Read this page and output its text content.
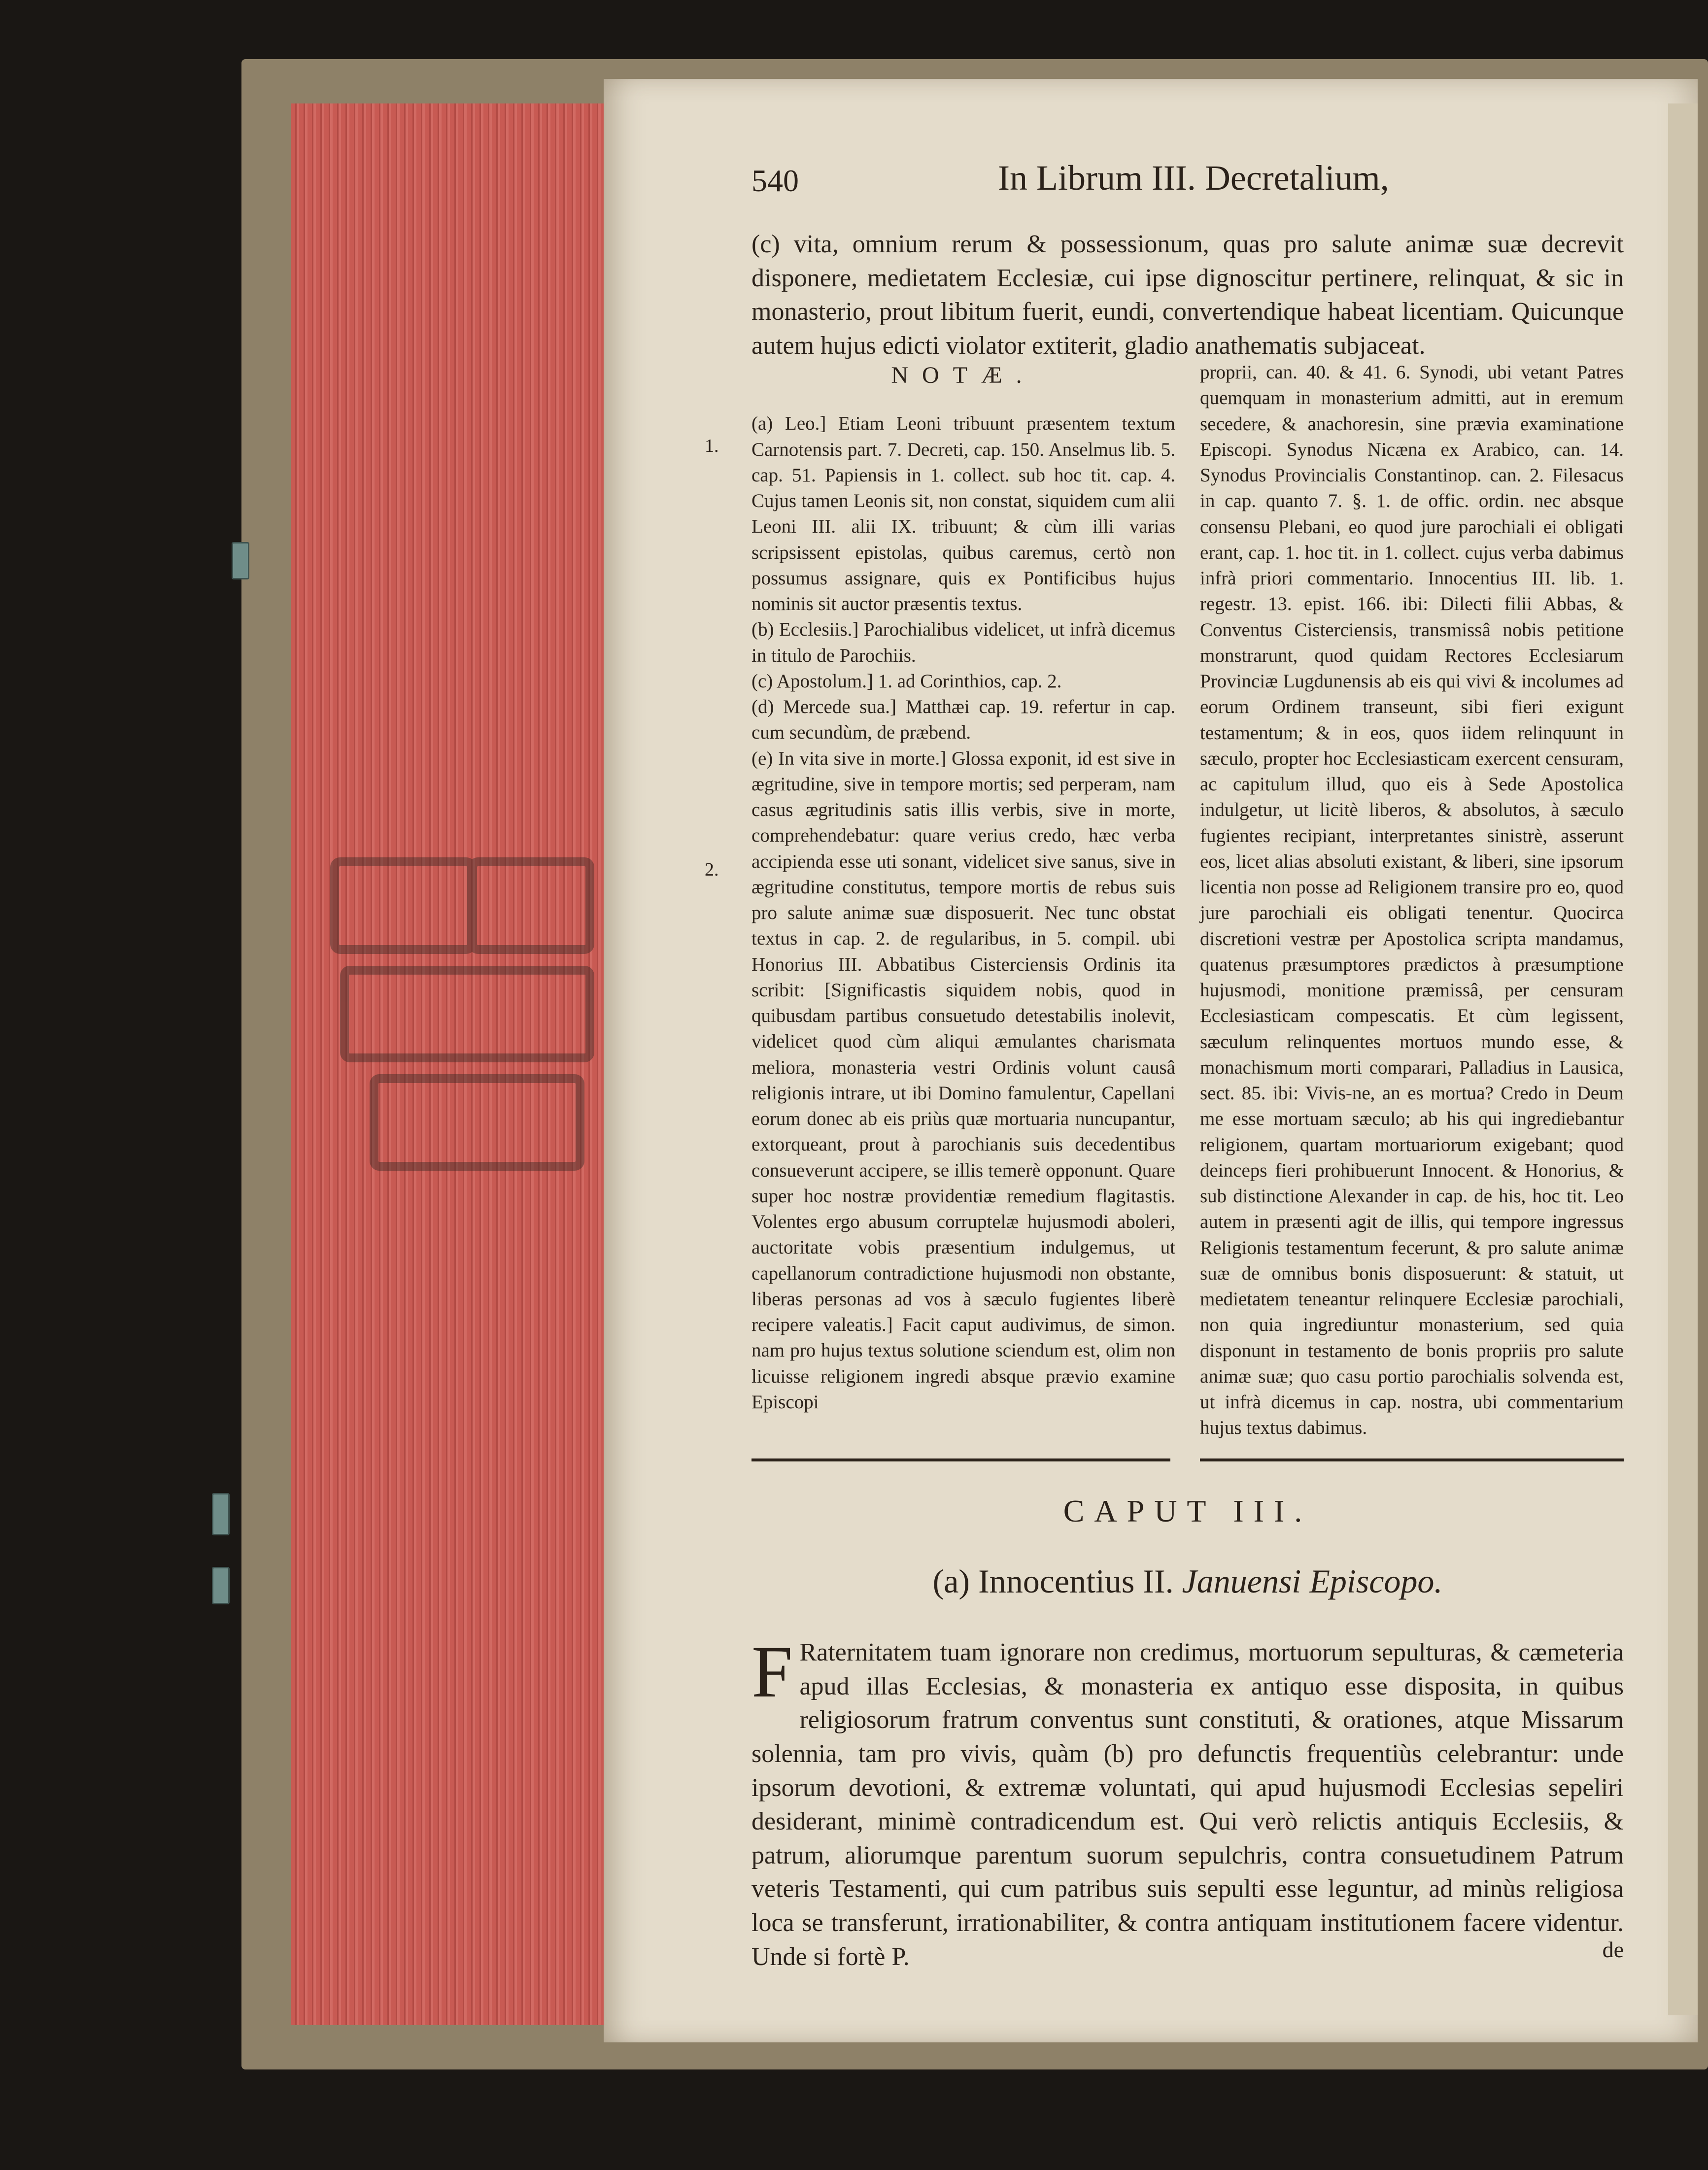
540	In Librum III. Decretalium,

(c) vita, omnium rerum & possessionum, quas pro salute animæ suæ decrevit disponere, medietatem Ecclesiæ, cui ipse dignoscitur pertinere, relinquat, & sic in monasterio, prout libitum fuerit, eundi, convertendique habeat licentiam. Quicunque autem hujus edicti violator extiterit, gladio anathematis subjaceat.

NOTÆ.
1.

(a) Leo.] Etiam Leoni tribuunt præsentem textum Carnotensis part. 7. Decreti, cap. 150. Anselmus lib. 5. cap. 51. Papiensis in 1. collect. sub hoc tit. cap. 4. Cujus tamen Leonis sit, non constat, siquidem cum alii Leoni III. alii IX. tribuunt; & cùm illi varias scripsissent epistolas, quibus caremus, certò non possumus assignare, quis ex Pontificibus hujus nominis sit auctor præsentis textus.

(b) Ecclesiis.] Parochialibus videlicet, ut infrà dicemus in titulo de Parochiis.

(c) Apostolum.] 1. ad Corinthios, cap. 2.

(d) Mercede sua.] Matthæi cap. 19. refertur in cap. cum secundùm, de præbend.

2.

(e) In vita sive in morte.] Glossa exponit, id est sive in ægritudine, sive in tempore mortis; sed perperam, nam casus ægritudinis satis illis verbis, sive in morte, comprehendebatur: quare verius credo, hæc verba accipienda esse uti sonant, videlicet sive sanus, sive in ægritudine constitutus, tempore mortis de rebus suis pro salute animæ suæ disposuerit. Nec tunc obstat textus in cap. 2. de regularibus, in 5. compil. ubi Honorius III. Abbatibus Cisterciensis Ordinis ita scribit: [Significastis siquidem nobis, quod in quibusdam partibus consuetudo detestabilis inolevit, videlicet quod cùm aliqui æmulantes charismata meliora, monasteria vestri Ordinis volunt causâ religionis intrare, ut ibi Domino famulentur, Capellani eorum donec ab eis priùs quæ mortuaria nuncupantur, extorqueant, prout à parochianis suis decedentibus consueverunt accipere, se illis temerè opponunt. Quare super hoc nostræ providentiæ remedium flagitastis. Volentes ergo abusum corruptelæ hujusmodi aboleri, auctoritate vobis præsentium indulgemus, ut capellanorum contradictione hujusmodi non obstante, liberas personas ad vos à sæculo fugientes liberè recipere valeatis.] Facit caput audivimus, de simon. nam pro hujus textus solutione sciendum est, olim non licuisse religionem ingredi absque prævio examine Episcopi

proprii, can. 40. & 41. 6. Synodi, ubi vetant Patres quemquam in monasterium admitti, aut in eremum secedere, & anachoresin, sine prævia examinatione Episcopi. Synodus Nicæna ex Arabico, can. 14. Synodus Provincialis Constantinop. can. 2. Filesacus in cap. quanto 7. §. 1. de offic. ordin. nec absque consensu Plebani, eo quod jure parochiali ei obligati erant, cap. 1. hoc tit. in 1. collect. cujus verba dabimus infrà priori commentario. Innocentius III. lib. 1. regestr. 13. epist. 166. ibi: Dilecti filii Abbas, & Conventus Cisterciensis, transmissâ nobis petitione monstrarunt, quod quidam Rectores Ecclesiarum Provinciæ Lugdunensis ab eis qui vivi & incolumes ad eorum Ordinem transeunt, sibi fieri exigunt testamentum; & in eos, quos iidem relinquunt in sæculo, propter hoc Ecclesiasticam exercent censuram, ac capitulum illud, quo eis à Sede Apostolica indulgetur, ut licitè liberos, & absolutos, à sæculo fugientes recipiant, interpretantes sinistrè, asserunt eos, licet alias absoluti existant, & liberi, sine ipsorum licentia non posse ad Religionem transire pro eo, quod jure parochiali eis obligati tenentur. Quocirca discretioni vestræ per Apostolica scripta mandamus, quatenus præsumptores prædictos à præsumptione hujusmodi, monitione præmissâ, per censuram Ecclesiasticam compescatis. Et cùm legissent, sæculum relinquentes mortuos mundo esse, & monachismum morti comparari, Palladius in Lausica, sect. 85. ibi: Vivis-ne, an es mortua? Credo in Deum me esse mortuam sæculo; ab his qui ingrediebantur religionem, quartam mortuariorum exigebant; quod deinceps fieri prohibuerunt Innocent. & Honorius, & sub distinctione Alexander in cap. de his, hoc tit. Leo autem in præsenti agit de illis, qui tempore ingressus Religionis testamentum fecerunt, & pro salute animæ suæ de omnibus bonis disposuerunt: & statuit, ut medietatem teneantur relinquere Ecclesiæ parochiali, non quia ingrediuntur monasterium, sed quia disponunt in testamento de bonis propriis pro salute animæ suæ; quo casu portio parochialis solvenda est, ut infrà dicemus in cap. nostra, ubi commentarium hujus textus dabimus.

CAPUT III.
(a) Innocentius II. Januensi Episcopo.
F Raternitatem tuam ignorare non credimus, mortuorum sepulturas, & cæmeteria apud illas Ecclesias, & monasteria ex antiquo esse disposita, in quibus religiosorum fratrum conventus sunt constituti, & orationes, atque Missarum solennia, tam pro vivis, quàm (b) pro defunctis frequentiùs celebrantur: unde ipsorum devotioni, & extremæ voluntati, qui apud hujusmodi Ecclesias sepeliri desiderant, minimè contradicendum est. Qui verò relictis antiquis Ecclesiis, & patrum, aliorumque parentum suorum sepulchris, contra consuetudinem Patrum veteris Testamenti, qui cum patribus suis sepulti esse leguntur, ad minùs religiosa loca se transferunt, irrationabiliter, & contra antiquam institutionem facere videntur. Unde si fortè P.	de
